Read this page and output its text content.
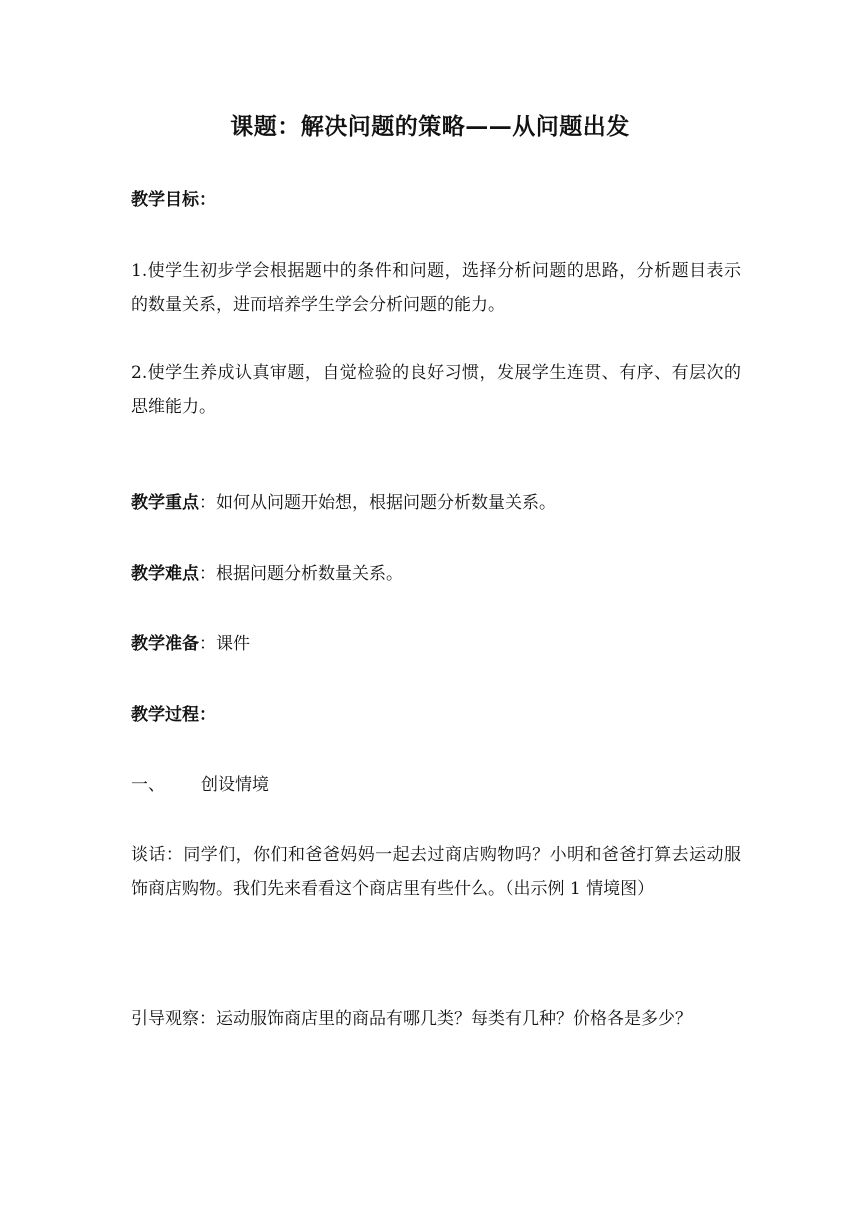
课题：解决问题的策略——从问题出发

教学目标：

1.使学生初步学会根据题中的条件和问题，选择分析问题的思路，分析题目表示的数量关系，进而培养学生学会分析问题的能力。

2.使学生养成认真审题，自觉检验的良好习惯，发展学生连贯、有序、有层次的思维能力。

教学重点：如何从问题开始想，根据问题分析数量关系。

教学难点：根据问题分析数量关系。

教学准备：课件

教学过程：

一、 创设情境

谈话：同学们，你们和爸爸妈妈一起去过商店购物吗？小明和爸爸打算去运动服饰商店购物。我们先来看看这个商店里有些什么。（出示例 1 情境图）

引导观察：运动服饰商店里的商品有哪几类？每类有几种？价格各是多少？
